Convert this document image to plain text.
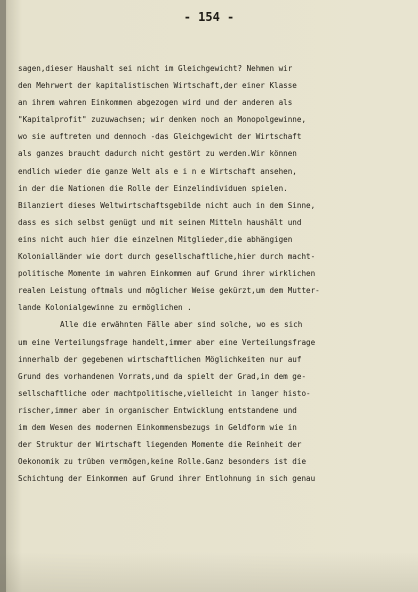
- 154 -
sagen,dieser Haushalt sei nicht im Gleichgewicht? Nehmen wir
den Mehrwert der kapitalistischen Wirtschaft,der einer Klasse
an ihrem wahren Einkommen abgezogen wird und der anderen als
"Kapitalprofit" zuzuwachsen; wir denken noch an Monopolgewinne,
wo sie auftreten und dennoch -das Gleichgewicht der Wirtschaft
als ganzes braucht dadurch nicht gestört zu werden.Wir können
endlich wieder die ganze Welt als e i n e Wirtschaft ansehen,
in der die Nationen die Rolle der Einzelindividuen spielen.
Bilanziert dieses Weltwirtschaftsgebilde nicht auch in dem Sinne,
dass es sich selbst genügt und mit seinen Mitteln haushält und
eins nicht auch hier die einzelnen Mitglieder,die abhängigen
Kolonialländer wie dort durch gesellschaftliche,hier durch macht-
politische Momente im wahren Einkommen auf Grund ihrer wirklichen
realen Leistung oftmals und möglicher Weise gekürzt,um dem Mutter-
lande Kolonialgewinne zu ermöglichen .
Alle die erwähnten Fälle aber sind solche, wo es sich
um eine Verteilungsfrage handelt,immer aber eine Verteilungsfrage
innerhalb der gegebenen wirtschaftlichen Möglichkeiten nur auf
Grund des vorhandenen Vorrats,und da spielt der Grad,in dem ge-
sellschaftliche oder machtpolitische,vielleicht in langer histo-
rischer,immer aber in organischer Entwicklung entstandene und
im dem Wesen des modernen Einkommensbezugs in Geldform wie in
der Struktur der Wirtschaft liegenden Momente die Reinheit der
Oekonomik zu trüben vermögen,keine Rolle.Ganz besonders ist die
Schichtung der Einkommen auf Grund ihrer Entlohnung in sich genau
